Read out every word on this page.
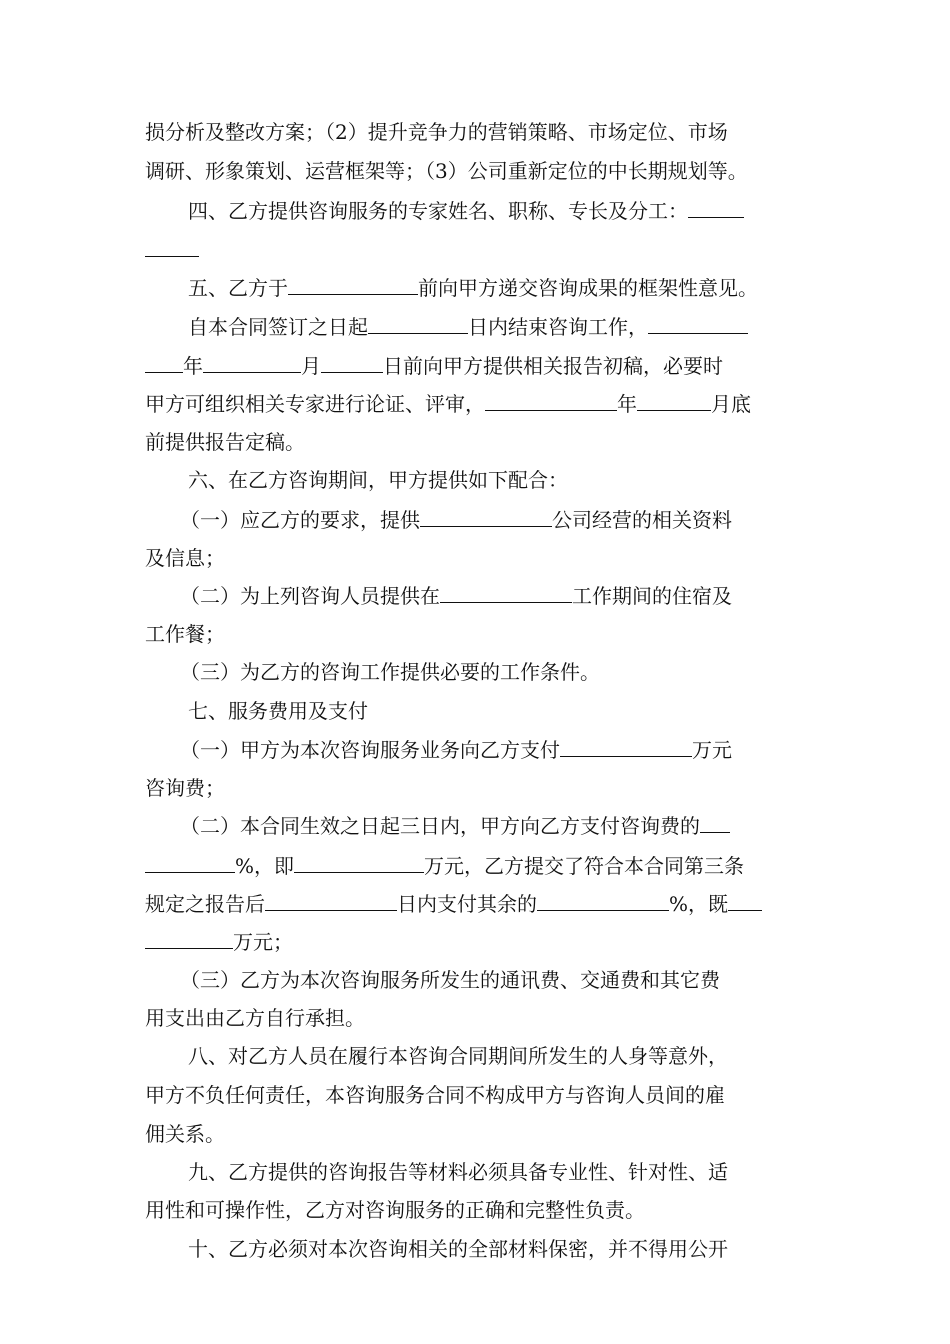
损分析及整改方案；（2）提升竞争力的营销策略、市场定位、市场
调研、形象策划、运营框架等；（3）公司重新定位的中长期规划等。
四、乙方提供咨询服务的专家姓名、职称、专长及分工：
五、乙方于	前向甲方递交咨询成果的框架性意见。
自本合同签订之日起	日内结束咨询工作，
年	月	日前向甲方提供相关报告初稿，必要时
甲方可组织相关专家进行论证、评审，	年	月底
前提供报告定稿。
六、在乙方咨询期间，甲方提供如下配合：
（一）应乙方的要求，提供	公司经营的相关资料
及信息；
（二）为上列咨询人员提供在	工作期间的住宿及
工作餐；
（三）为乙方的咨询工作提供必要的工作条件。
七、服务费用及支付
（一）甲方为本次咨询服务业务向乙方支付	万元
咨询费；
（二）本合同生效之日起三日内，甲方向乙方支付咨询费的
%，即	万元，乙方提交了符合本合同第三条
规定之报告后	日内支付其余的	%，既
万元；
（三）乙方为本次咨询服务所发生的通讯费、交通费和其它费
用支出由乙方自行承担。
八、对乙方人员在履行本咨询合同期间所发生的人身等意外，
甲方不负任何责任，本咨询服务合同不构成甲方与咨询人员间的雇
佣关系。
九、乙方提供的咨询报告等材料必须具备专业性、针对性、适
用性和可操作性，乙方对咨询服务的正确和完整性负责。
十、乙方必须对本次咨询相关的全部材料保密，并不得用公开
